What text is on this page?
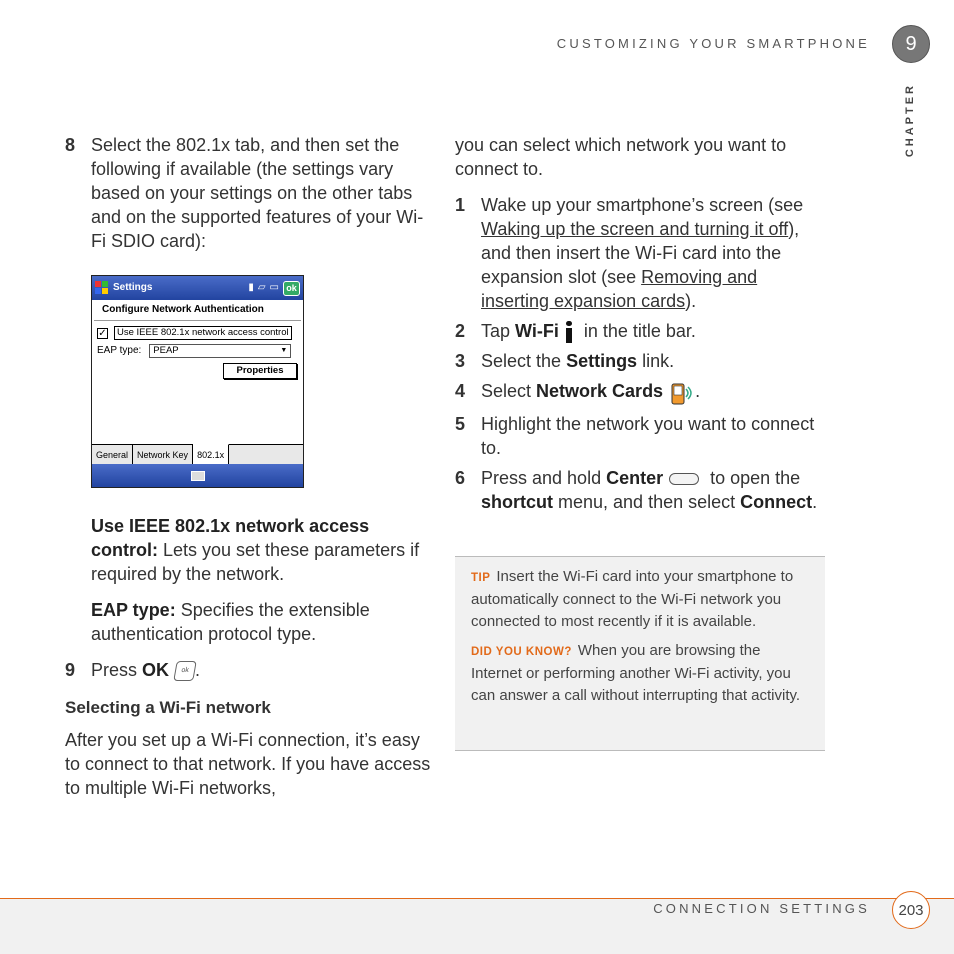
CUSTOMIZING YOUR SMARTPHONE	9
CHAPTER
8 Select the 802.1x tab, and then set the following if available (the settings vary based on your settings on the other tabs and on the supported features of your Wi-Fi SDIO card):
Settings	▮ ▱ ▭ ok
Configure Network Authentication
✓	Use IEEE 802.1x network access control
EAP type: PEAP	▼
Properties
General	Network Key	802.1x
Use IEEE 802.1x network access control: Lets you set these parameters if required by the network.
EAP type: Specifies the extensible authentication protocol type.
9 Press OK ok .
Selecting a Wi-Fi network
After you set up a Wi-Fi connection, it’s easy to connect to that network. If you have access to multiple Wi-Fi networks,
you can select which network you want to connect to.
1 Wake up your smartphone’s screen (see Waking up the screen and turning it off), and then insert the Wi-Fi card into the expansion slot (see Removing and inserting expansion cards).
2 Tap Wi-Fi
in the title bar.
3 Select the Settings link.
4 Select Network Cards .
5 Highlight the network you want to connect to.
6 Press and hold Center to open the shortcut menu, and then select Connect.
TIP Insert the Wi-Fi card into your smartphone to automatically connect to the Wi-Fi network you connected to most recently if it is available.
DID YOU KNOW? When you are browsing the Internet or performing another Wi-Fi activity, you can answer a call without interrupting that activity.
CONNECTION SETTINGS	203
